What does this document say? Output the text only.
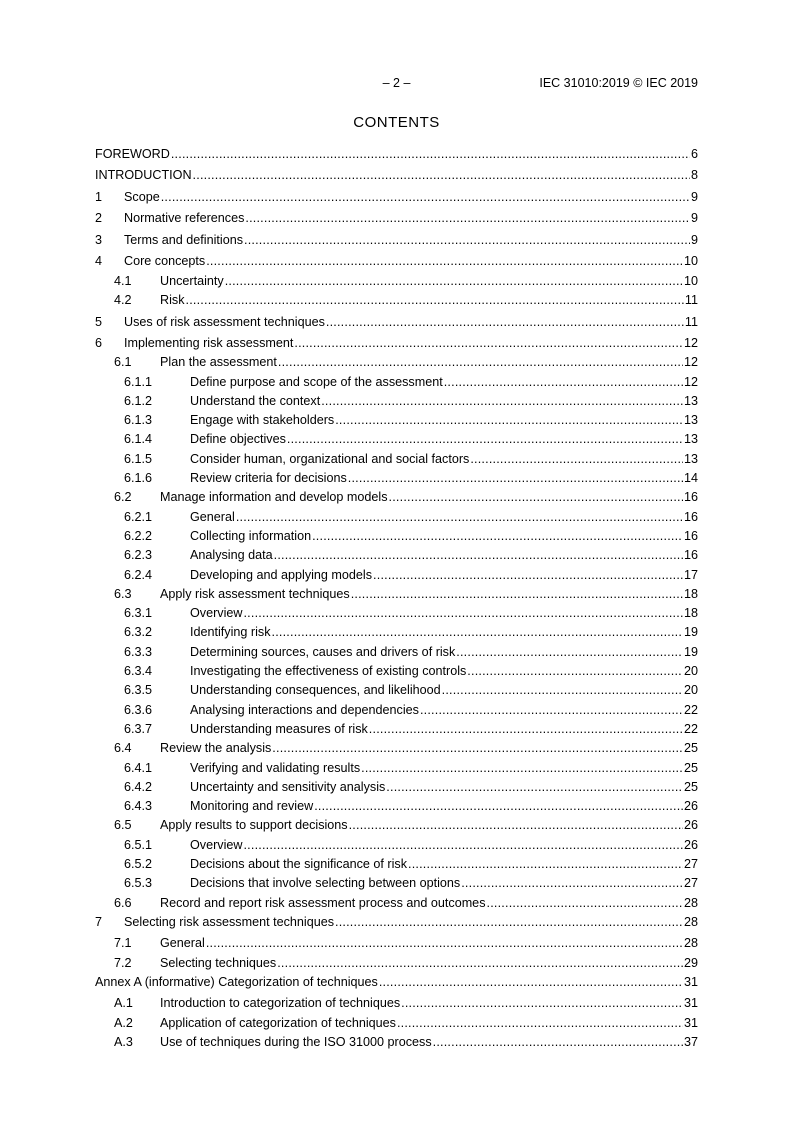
– 2 –	IEC 31010:2019 © IEC 2019
CONTENTS
FOREWORD .....	6
INTRODUCTION .....	8
1	Scope .....	9
2	Normative references .....	9
3	Terms and definitions .....	9
4	Core concepts .....	10
4.1	Uncertainty .....	10
4.2	Risk .....	11
5	Uses of risk assessment techniques .....	11
6	Implementing risk assessment .....	12
6.1	Plan the assessment .....	12
6.1.1	Define purpose and scope of the assessment .....	12
6.1.2	Understand the context .....	13
6.1.3	Engage with stakeholders .....	13
6.1.4	Define objectives .....	13
6.1.5	Consider human, organizational and social factors .....	13
6.1.6	Review criteria for decisions .....	14
6.2	Manage information and develop models .....	16
6.2.1	General .....	16
6.2.2	Collecting information .....	16
6.2.3	Analysing data .....	16
6.2.4	Developing and applying models .....	17
6.3	Apply risk assessment techniques .....	18
6.3.1	Overview .....	18
6.3.2	Identifying risk .....	19
6.3.3	Determining sources, causes and drivers of risk .....	19
6.3.4	Investigating the effectiveness of existing controls .....	20
6.3.5	Understanding consequences, and likelihood .....	20
6.3.6	Analysing interactions and dependencies .....	22
6.3.7	Understanding measures of risk .....	22
6.4	Review the analysis .....	25
6.4.1	Verifying and validating results .....	25
6.4.2	Uncertainty and sensitivity analysis .....	25
6.4.3	Monitoring and review .....	26
6.5	Apply results to support decisions .....	26
6.5.1	Overview .....	26
6.5.2	Decisions about the significance of risk .....	27
6.5.3	Decisions that involve selecting between options .....	27
6.6	Record and report risk assessment process and outcomes .....	28
7	Selecting risk assessment techniques .....	28
7.1	General .....	28
7.2	Selecting techniques .....	29
Annex A (informative) Categorization of techniques .....	31
A.1	Introduction to categorization of techniques .....	31
A.2	Application of categorization of techniques .....	31
A.3	Use of techniques during the ISO 31000 process .....	37
